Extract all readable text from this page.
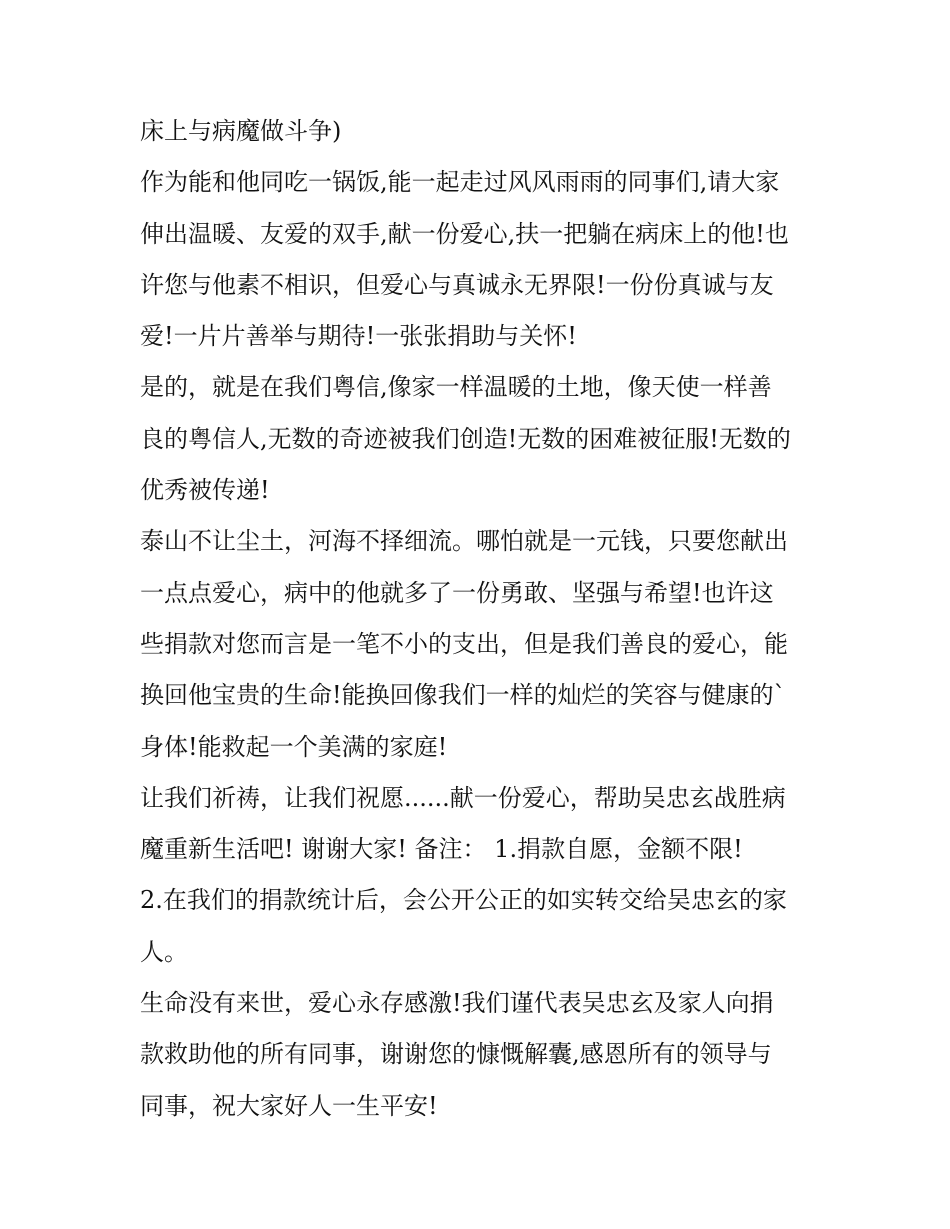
床上与病魔做斗争)
作为能和他同吃一锅饭,能一起走过风风雨雨的同事们,请大家
伸出温暖、友爱的双手,献一份爱心,扶一把躺在病床上的他!也
许您与他素不相识，但爱心与真诚永无界限!一份份真诚与友
爱!一片片善举与期待!一张张捐助与关怀!
是的，就是在我们粤信,像家一样温暖的土地，像天使一样善
良的粤信人,无数的奇迹被我们创造!无数的困难被征服!无数的
优秀被传递!
泰山不让尘土，河海不择细流。哪怕就是一元钱，只要您献出
一点点爱心，病中的他就多了一份勇敢、坚强与希望!也许这
些捐款对您而言是一笔不小的支出，但是我们善良的爱心，能
换回他宝贵的生命!能换回像我们一样的灿烂的笑容与健康的`
身体!能救起一个美满的家庭!
让我们祈祷，让我们祝愿......献一份爱心，帮助吴忠玄战胜病
魔重新生活吧! 谢谢大家! 备注： 1.捐款自愿，金额不限!
2.在我们的捐款统计后，会公开公正的如实转交给吴忠玄的家
人。
生命没有来世，爱心永存感激!我们谨代表吴忠玄及家人向捐
款救助他的所有同事，谢谢您的慷慨解囊,感恩所有的领导与
同事，祝大家好人一生平安!
